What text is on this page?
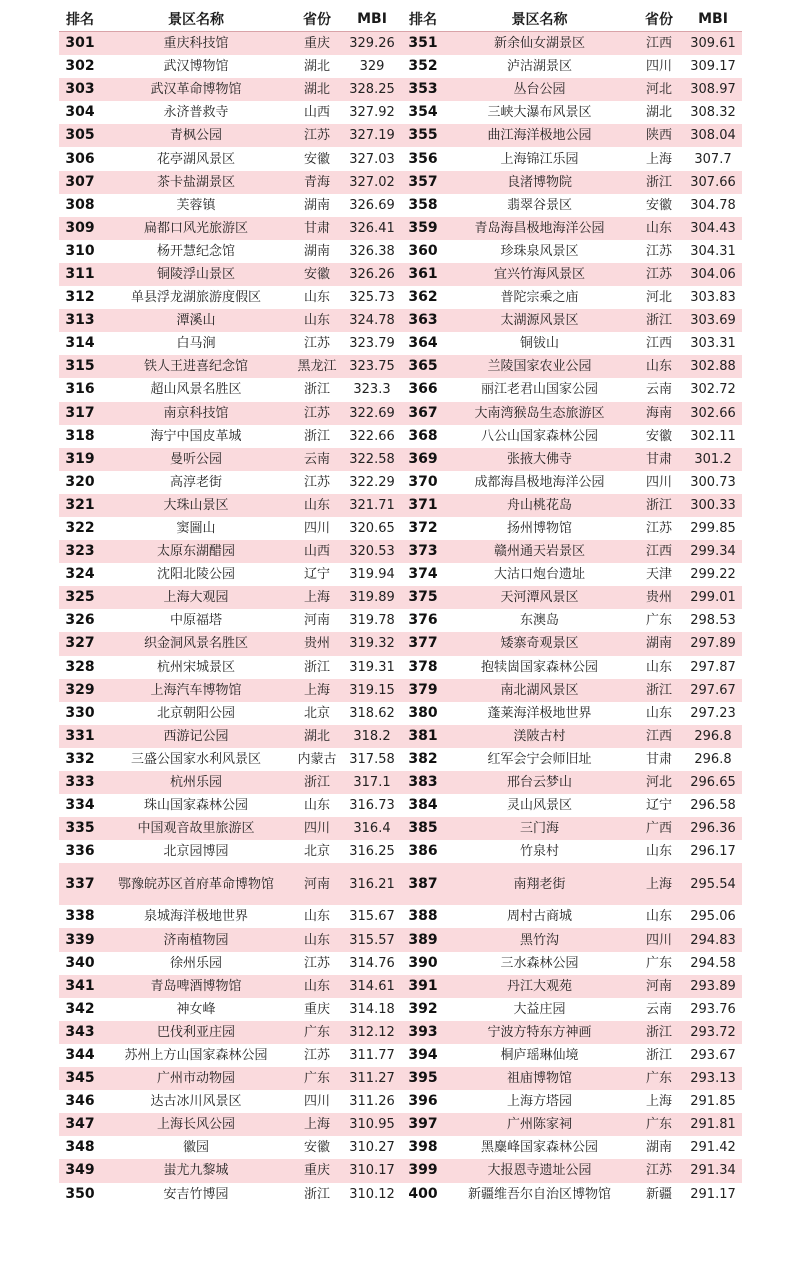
排名	景区名称	省份	MBI	排名	景区名称	省份	MBI
301	重庆科技馆	重庆	329.26	351	新余仙女湖景区	江西	309.61
302	武汉博物馆	湖北	329	352	泸沽湖景区	四川	309.17
303	武汉革命博物馆	湖北	328.25	353	丛台公园	河北	308.97
304	永济普救寺	山西	327.92	354	三峡大瀑布风景区	湖北	308.32
305	青枫公园	江苏	327.19	355	曲江海洋极地公园	陕西	308.04
306	花亭湖风景区	安徽	327.03	356	上海锦江乐园	上海	307.7
307	茶卡盐湖景区	青海	327.02	357	良渚博物院	浙江	307.66
308	芙蓉镇	湖南	326.69	358	翡翠谷景区	安徽	304.78
309	扁都口风光旅游区	甘肃	326.41	359	青岛海昌极地海洋公园	山东	304.43
310	杨开慧纪念馆	湖南	326.38	360	珍珠泉风景区	江苏	304.31
311	铜陵浮山景区	安徽	326.26	361	宜兴竹海风景区	江苏	304.06
312	单县浮龙湖旅游度假区	山东	325.73	362	普陀宗乘之庙	河北	303.83
313	潭溪山	山东	324.78	363	太湖源风景区	浙江	303.69
314	白马涧	江苏	323.79	364	铜钹山	江西	303.31
315	铁人王进喜纪念馆	黑龙江	323.75	365	兰陵国家农业公园	山东	302.88
316	超山风景名胜区	浙江	323.3	366	丽江老君山国家公园	云南	302.72
317	南京科技馆	江苏	322.69	367	大南湾猴岛生态旅游区	海南	302.66
318	海宁中国皮革城	浙江	322.66	368	八公山国家森林公园	安徽	302.11
319	曼听公园	云南	322.58	369	张掖大佛寺	甘肃	301.2
320	高淳老街	江苏	322.29	370	成都海昌极地海洋公园	四川	300.73
321	大珠山景区	山东	321.71	371	舟山桃花岛	浙江	300.33
322	窦圌山	四川	320.65	372	扬州博物馆	江苏	299.85
323	太原东湖醋园	山西	320.53	373	赣州通天岩景区	江西	299.34
324	沈阳北陵公园	辽宁	319.94	374	大沽口炮台遗址	天津	299.22
325	上海大观园	上海	319.89	375	天河潭风景区	贵州	299.01
326	中原福塔	河南	319.78	376	东澳岛	广东	298.53
327	织金洞风景名胜区	贵州	319.32	377	矮寨奇观景区	湖南	297.89
328	杭州宋城景区	浙江	319.31	378	抱犊崮国家森林公园	山东	297.87
329	上海汽车博物馆	上海	319.15	379	南北湖风景区	浙江	297.67
330	北京朝阳公园	北京	318.62	380	蓬莱海洋极地世界	山东	297.23
331	西游记公园	湖北	318.2	381	渼陂古村	江西	296.8
332	三盛公国家水利风景区	内蒙古	317.58	382	红军会宁会师旧址	甘肃	296.8
333	杭州乐园	浙江	317.1	383	邢台云梦山	河北	296.65
334	珠山国家森林公园	山东	316.73	384	灵山风景区	辽宁	296.58
335	中国观音故里旅游区	四川	316.4	385	三门海	广西	296.36
336	北京园博园	北京	316.25	386	竹泉村	山东	296.17
337	鄂豫皖苏区首府革命博物馆	河南	316.21	387	南翔老街	上海	295.54
338	泉城海洋极地世界	山东	315.67	388	周村古商城	山东	295.06
339	济南植物园	山东	315.57	389	黑竹沟	四川	294.83
340	徐州乐园	江苏	314.76	390	三水森林公园	广东	294.58
341	青岛啤酒博物馆	山东	314.61	391	丹江大观苑	河南	293.89
342	神女峰	重庆	314.18	392	大益庄园	云南	293.76
343	巴伐利亚庄园	广东	312.12	393	宁波方特东方神画	浙江	293.72
344	苏州上方山国家森林公园	江苏	311.77	394	桐庐瑶琳仙境	浙江	293.67
345	广州市动物园	广东	311.27	395	祖庙博物馆	广东	293.13
346	达古冰川风景区	四川	311.26	396	上海方塔园	上海	291.85
347	上海长风公园	上海	310.95	397	广州陈家祠	广东	291.81
348	徽园	安徽	310.27	398	黑麋峰国家森林公园	湖南	291.42
349	蚩尤九黎城	重庆	310.17	399	大报恩寺遗址公园	江苏	291.34
350	安吉竹博园	浙江	310.12	400	新疆维吾尔自治区博物馆	新疆	291.17
